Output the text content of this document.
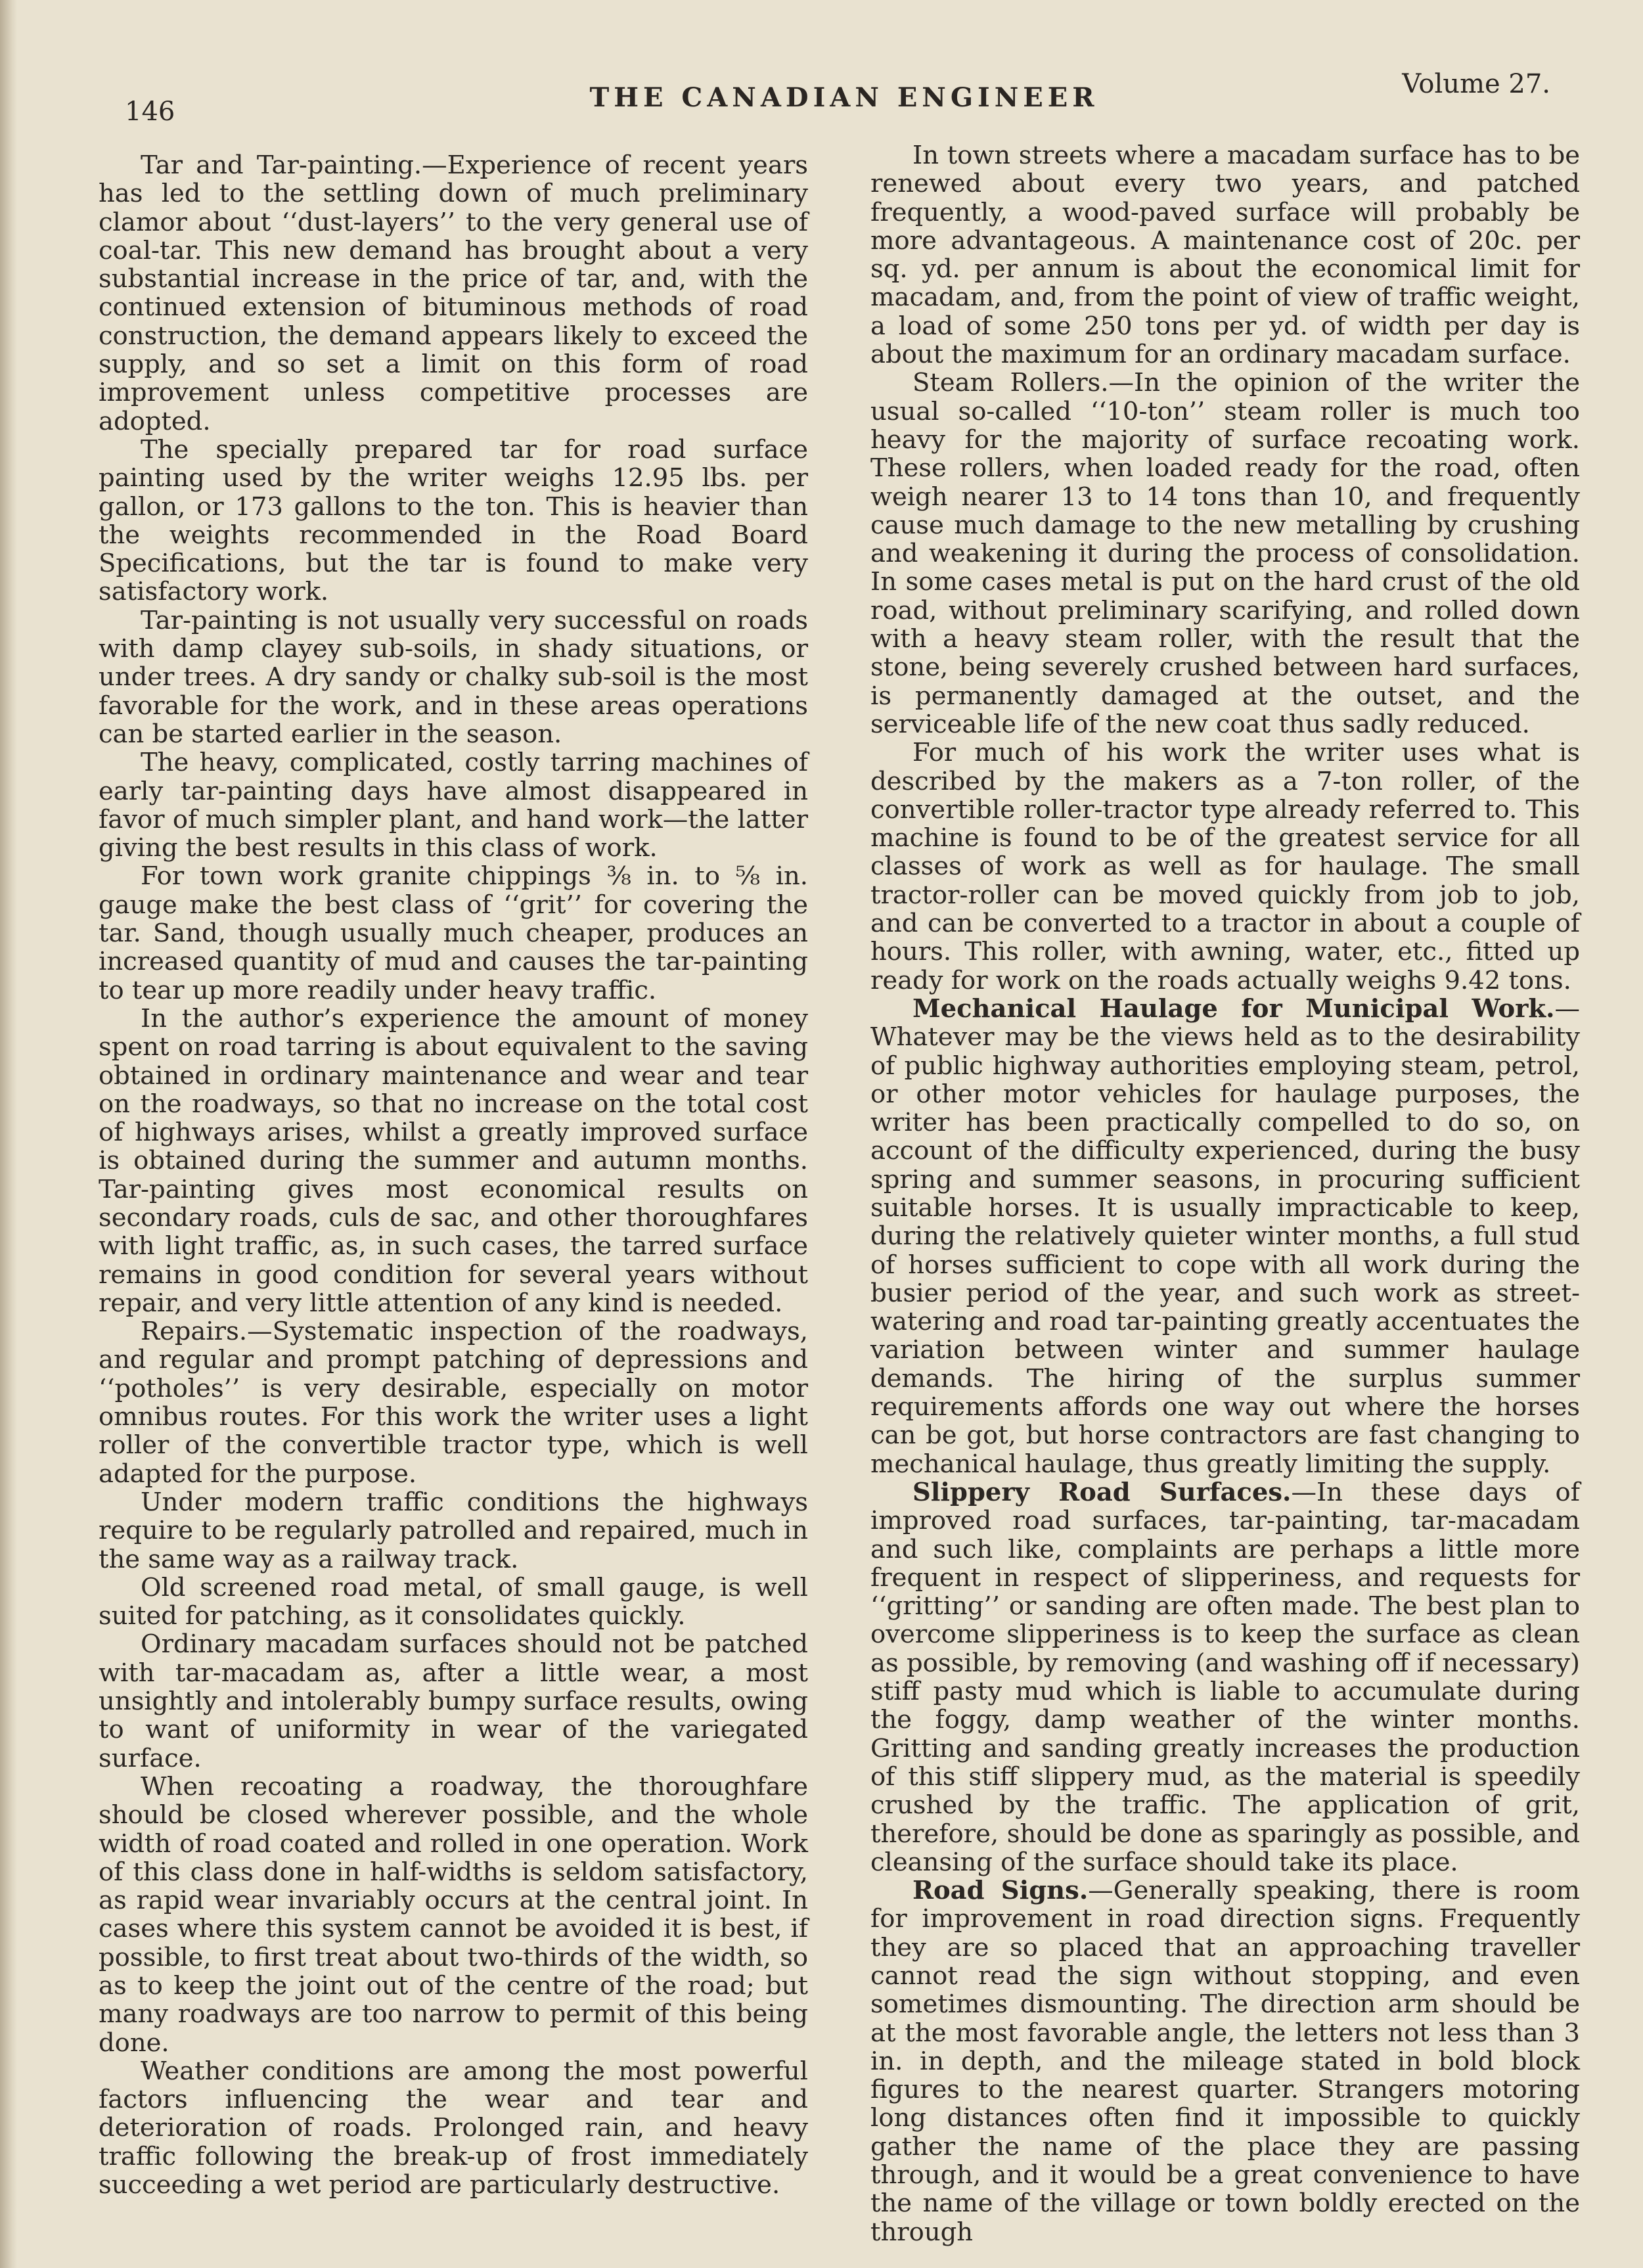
146	THE CANADIAN ENGINEER	Volume 27.

Tar and Tar-painting.—Experience of recent years has led to the settling down of much preliminary clamor about ‘‘dust-layers’’ to the very general use of coal-tar. This new demand has brought about a very substantial increase in the price of tar, and, with the continued extension of bituminous methods of road construction, the demand appears likely to exceed the supply, and so set a limit on this form of road improvement unless competitive processes are adopted.

The specially prepared tar for road surface painting used by the writer weighs 12.95 lbs. per gallon, or 173 gallons to the ton. This is heavier than the weights recommended in the Road Board Specifications, but the tar is found to make very satisfactory work.

Tar-painting is not usually very successful on roads with damp clayey sub-soils, in shady situations, or under trees. A dry sandy or chalky sub-soil is the most favorable for the work, and in these areas operations can be started earlier in the season.

The heavy, complicated, costly tarring machines of early tar-painting days have almost disappeared in favor of much simpler plant, and hand work—the latter giving the best results in this class of work.

For town work granite chippings ⅜ in. to ⅝ in. gauge make the best class of ‘‘grit’’ for covering the tar. Sand, though usually much cheaper, produces an increased quantity of mud and causes the tar-painting to tear up more readily under heavy traffic.

In the author’s experience the amount of money spent on road tarring is about equivalent to the saving obtained in ordinary maintenance and wear and tear on the roadways, so that no increase on the total cost of highways arises, whilst a greatly improved surface is obtained during the summer and autumn months. Tar-painting gives most economical results on secondary roads, culs de sac, and other thoroughfares with light traffic, as, in such cases, the tarred surface remains in good condition for several years without repair, and very little attention of any kind is needed.

Repairs.—Systematic inspection of the roadways, and regular and prompt patching of depressions and ‘‘potholes’’ is very desirable, especially on motor omnibus routes. For this work the writer uses a light roller of the convertible tractor type, which is well adapted for the purpose.

Under modern traffic conditions the highways require to be regularly patrolled and repaired, much in the same way as a railway track.

Old screened road metal, of small gauge, is well suited for patching, as it consolidates quickly.

Ordinary macadam surfaces should not be patched with tar-macadam as, after a little wear, a most unsightly and intolerably bumpy surface results, owing to want of uniformity in wear of the variegated surface.

When recoating a roadway, the thoroughfare should be closed wherever possible, and the whole width of road coated and rolled in one operation. Work of this class done in half-widths is seldom satisfactory, as rapid wear invariably occurs at the central joint. In cases where this system cannot be avoided it is best, if possible, to first treat about two-thirds of the width, so as to keep the joint out of the centre of the road; but many roadways are too narrow to permit of this being done.

Weather conditions are among the most powerful factors influencing the wear and tear and deterioration of roads. Prolonged rain, and heavy traffic following the break-up of frost immediately succeeding a wet period are particularly destructive.

In town streets where a macadam surface has to be renewed about every two years, and patched frequently, a wood-paved surface will probably be more advantageous. A maintenance cost of 20c. per sq. yd. per annum is about the economical limit for macadam, and, from the point of view of traffic weight, a load of some 250 tons per yd. of width per day is about the maximum for an ordinary macadam surface.

Steam Rollers.—In the opinion of the writer the usual so-called ‘‘10-ton’’ steam roller is much too heavy for the majority of surface recoating work. These rollers, when loaded ready for the road, often weigh nearer 13 to 14 tons than 10, and frequently cause much damage to the new metalling by crushing and weakening it during the process of consolidation. In some cases metal is put on the hard crust of the old road, without preliminary scarifying, and rolled down with a heavy steam roller, with the result that the stone, being severely crushed between hard surfaces, is permanently damaged at the outset, and the serviceable life of the new coat thus sadly reduced.

For much of his work the writer uses what is described by the makers as a 7-ton roller, of the convertible roller-tractor type already referred to. This machine is found to be of the greatest service for all classes of work as well as for haulage. The small tractor-roller can be moved quickly from job to job, and can be converted to a tractor in about a couple of hours. This roller, with awning, water, etc., fitted up ready for work on the roads actually weighs 9.42 tons.

Mechanical Haulage for Municipal Work.—Whatever may be the views held as to the desirability of public highway authorities employing steam, petrol, or other motor vehicles for haulage purposes, the writer has been practically compelled to do so, on account of the difficulty experienced, during the busy spring and summer seasons, in procuring sufficient suitable horses. It is usually impracticable to keep, during the relatively quieter winter months, a full stud of horses sufficient to cope with all work during the busier period of the year, and such work as street-watering and road tar-painting greatly accentuates the variation between winter and summer haulage demands. The hiring of the surplus summer requirements affords one way out where the horses can be got, but horse contractors are fast changing to mechanical haulage, thus greatly limiting the supply.

Slippery Road Surfaces.—In these days of improved road surfaces, tar-painting, tar-macadam and such like, complaints are perhaps a little more frequent in respect of slipperiness, and requests for ‘‘gritting’’ or sanding are often made. The best plan to overcome slipperiness is to keep the surface as clean as possible, by removing (and washing off if necessary) stiff pasty mud which is liable to accumulate during the foggy, damp weather of the winter months. Gritting and sanding greatly increases the production of this stiff slippery mud, as the material is speedily crushed by the traffic. The application of grit, therefore, should be done as sparingly as possible, and cleansing of the surface should take its place.

Road Signs.—Generally speaking, there is room for improvement in road direction signs. Frequently they are so placed that an approaching traveller cannot read the sign without stopping, and even sometimes dismounting. The direction arm should be at the most favorable angle, the letters not less than 3 in. in depth, and the mileage stated in bold block figures to the nearest quarter. Strangers motoring long distances often find it impossible to quickly gather the name of the place they are passing through, and it would be a great convenience to have the name of the village or town boldly erected on the through
